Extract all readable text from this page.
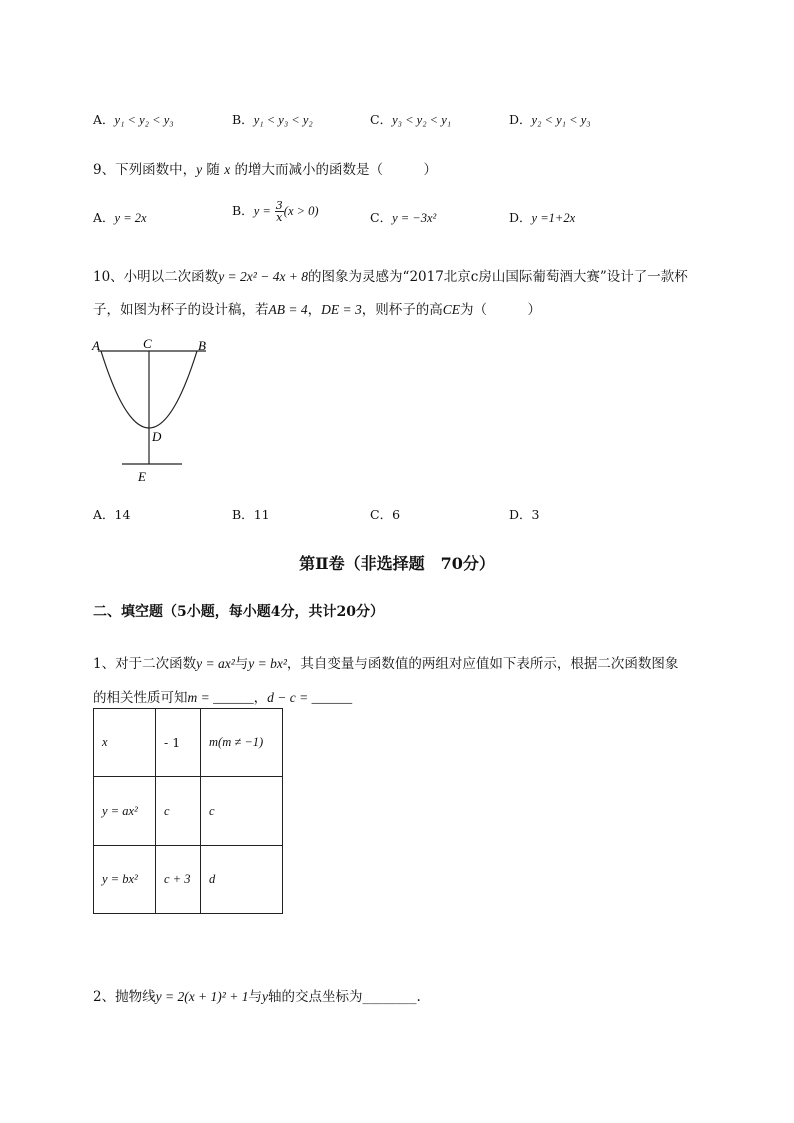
A．y₁ < y₂ < y₃	B．y₁ < y₃ < y₂	C．y₃ < y₂ < y₁	D．y₂ < y₁ < y₃
9、下列函数中，y 随 x 的增大而减小的函数是（　　　）
A．y = 2x	B．$y = \frac{3}{x} (x > 0)$	C．y = −3x²	D．y =1+2x
10、小明以二次函数y = 2x² − 4x + 8的图象为灵感为“2017北京c房山国际葡萄酒大赛”设计了一款杯
子，如图为杯子的设计稿，若AB = 4，DE = 3，则杯子的高CE为（　　　）
A	C	B
D
E
A．14	B．11	C．6	D．3
第Ⅱ卷（非选择题　70分）
二、填空题（5小题，每小题4分，共计20分）
1、对于二次函数y = ax²与y = bx²，其自变量与函数值的两组对应值如下表所示，根据二次函数图象
的相关性质可知m = ______，d − c = ______
x	- 1	m(m ≠ −1)
y = ax²	c	c
y = bx²	c + 3	d
2、抛物线y = 2(x + 1)² + 1与y轴的交点坐标为________.
